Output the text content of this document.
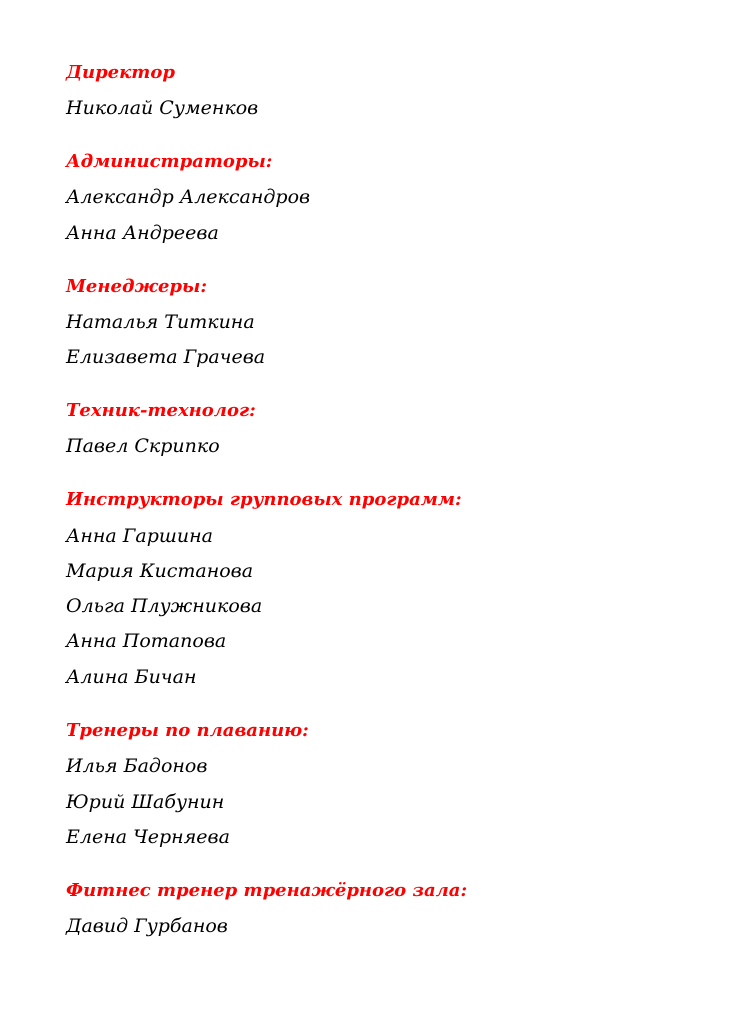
Директор
Николай Суменков
Администраторы:
Александр Александров
Анна Андреева
Менеджеры:
Наталья Титкина
Елизавета Грачева
Техник-технолог:
Павел Скрипко
Инструкторы групповых программ:
Анна Гаршина
Мария Кистанова
Ольга Плужникова
Анна Потапова
Алина Бичан
Тренеры по плаванию:
Илья Бадонов
Юрий Шабунин
Елена Черняева
Фитнес тренер тренажёрного зала:
Давид Гурбанов
